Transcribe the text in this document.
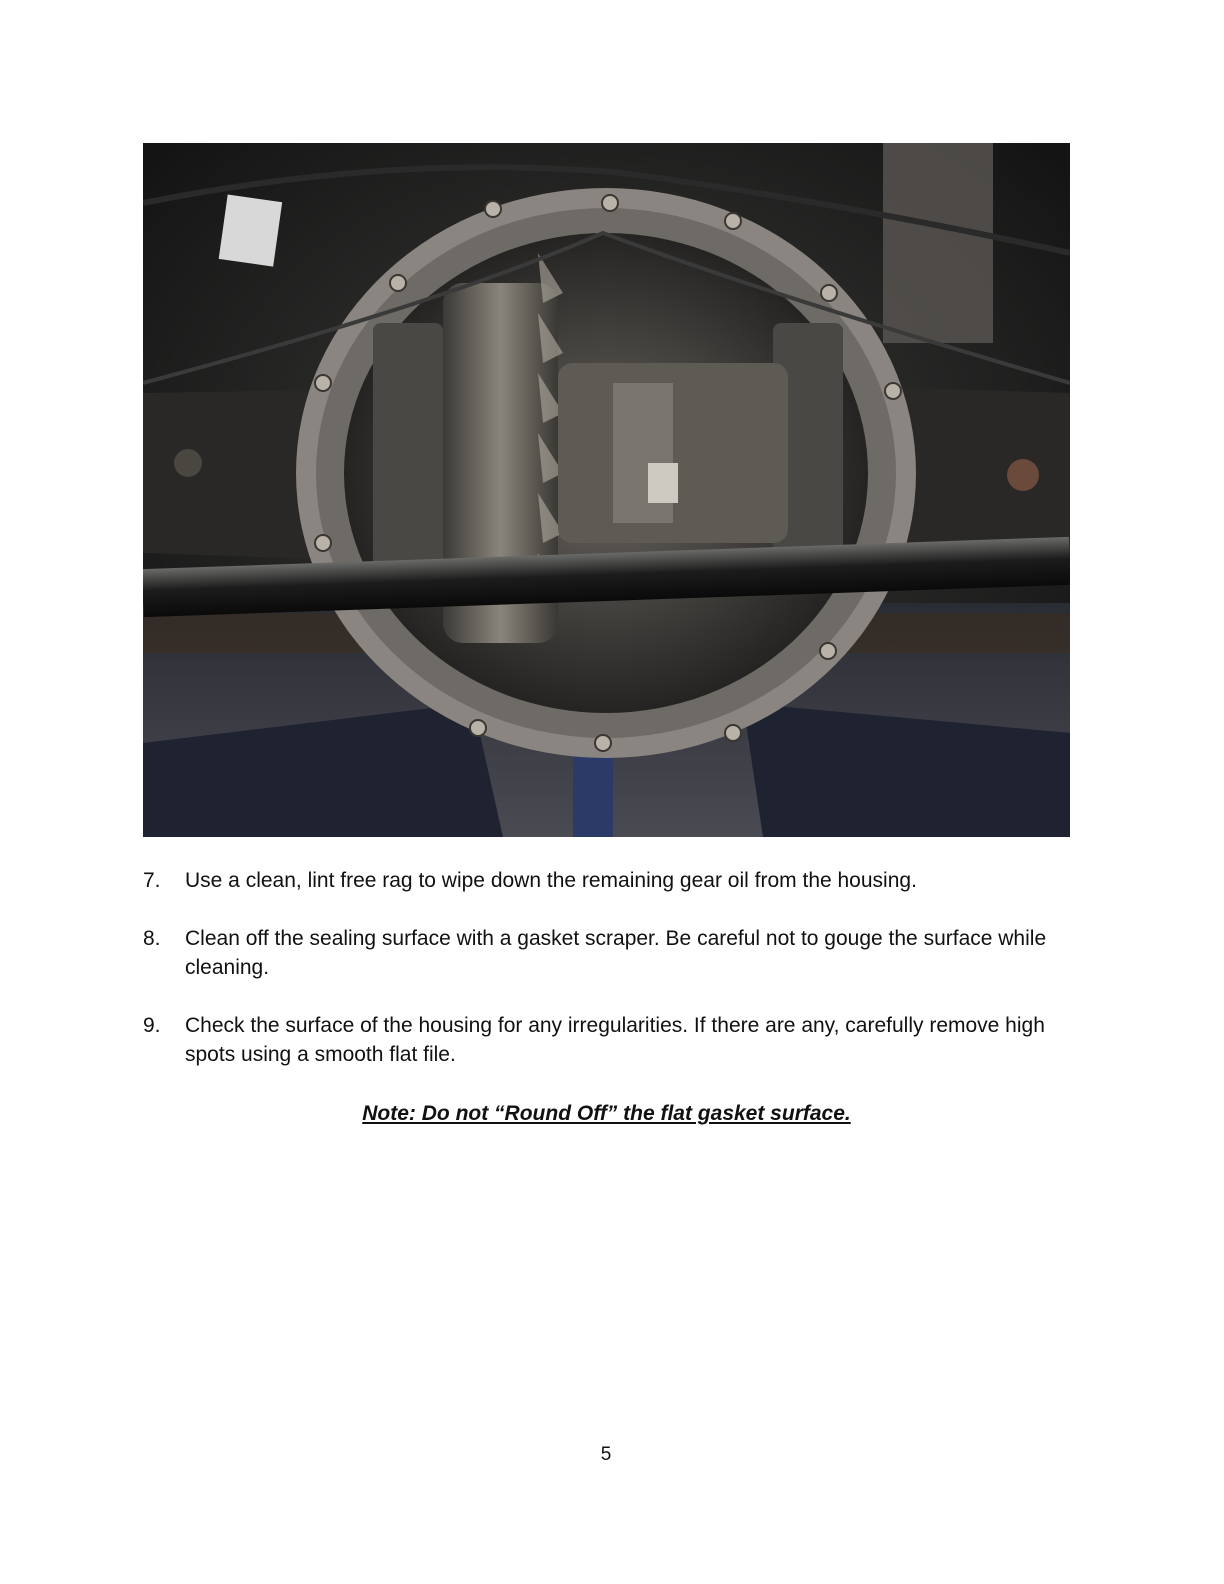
7. Use a clean, lint free rag to wipe down the remaining gear oil from the housing.
8. Clean off the sealing surface with a gasket scraper. Be careful not to gouge the surface while cleaning.
9. Check the surface of the housing for any irregularities. If there are any, carefully remove high spots using a smooth flat file.
Note: Do not “Round Off” the flat gasket surface.
5
